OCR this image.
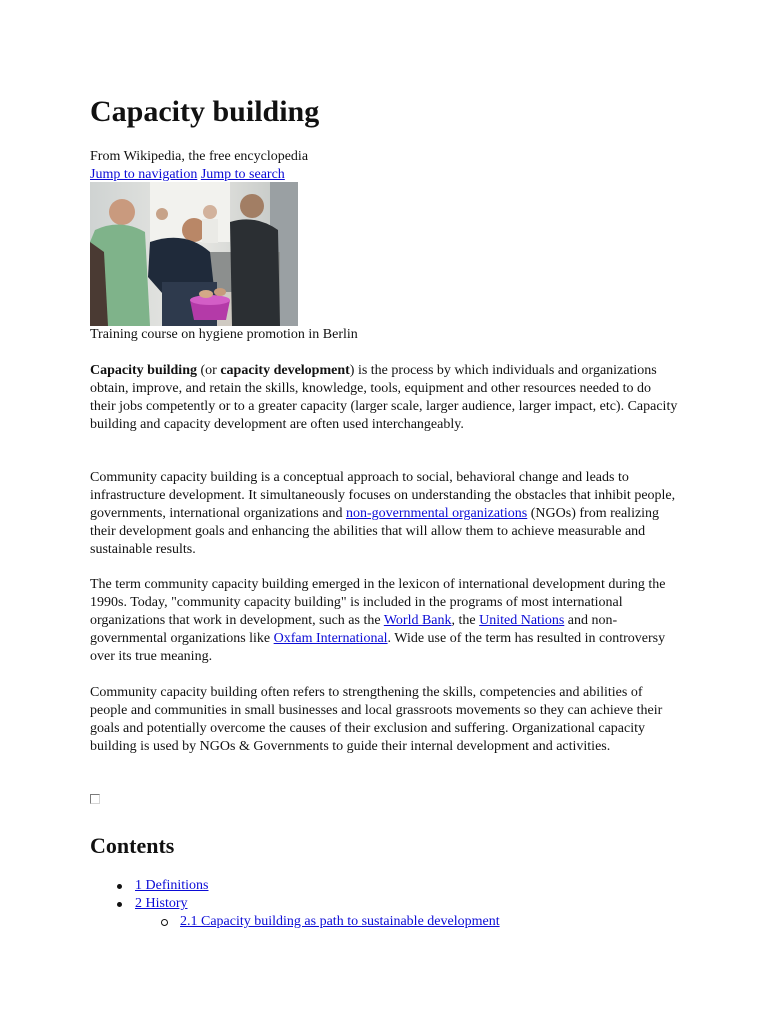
Capacity building
From Wikipedia, the free encyclopedia
Jump to navigation Jump to search
Training course on hygiene promotion in Berlin

Capacity building (or capacity development) is the process by which individuals and organizations obtain, improve, and retain the skills, knowledge, tools, equipment and other resources needed to do their jobs competently or to a greater capacity (larger scale, larger audience, larger impact, etc). Capacity building and capacity development are often used interchangeably.

Community capacity building is a conceptual approach to social, behavioral change and leads to infrastructure development. It simultaneously focuses on understanding the obstacles that inhibit people, governments, international organizations and non-governmental organizations (NGOs) from realizing their development goals and enhancing the abilities that will allow them to achieve measurable and sustainable results.

The term community capacity building emerged in the lexicon of international development during the 1990s. Today, "community capacity building" is included in the programs of most international organizations that work in development, such as the World Bank, the United Nations and non-governmental organizations like Oxfam International. Wide use of the term has resulted in controversy over its true meaning.

Community capacity building often refers to strengthening the skills, competencies and abilities of people and communities in small businesses and local grassroots movements so they can achieve their goals and potentially overcome the causes of their exclusion and suffering. Organizational capacity building is used by NGOs & Governments to guide their internal development and activities.

Contents
1 Definitions
2 History
2.1 Capacity building as path to sustainable development
